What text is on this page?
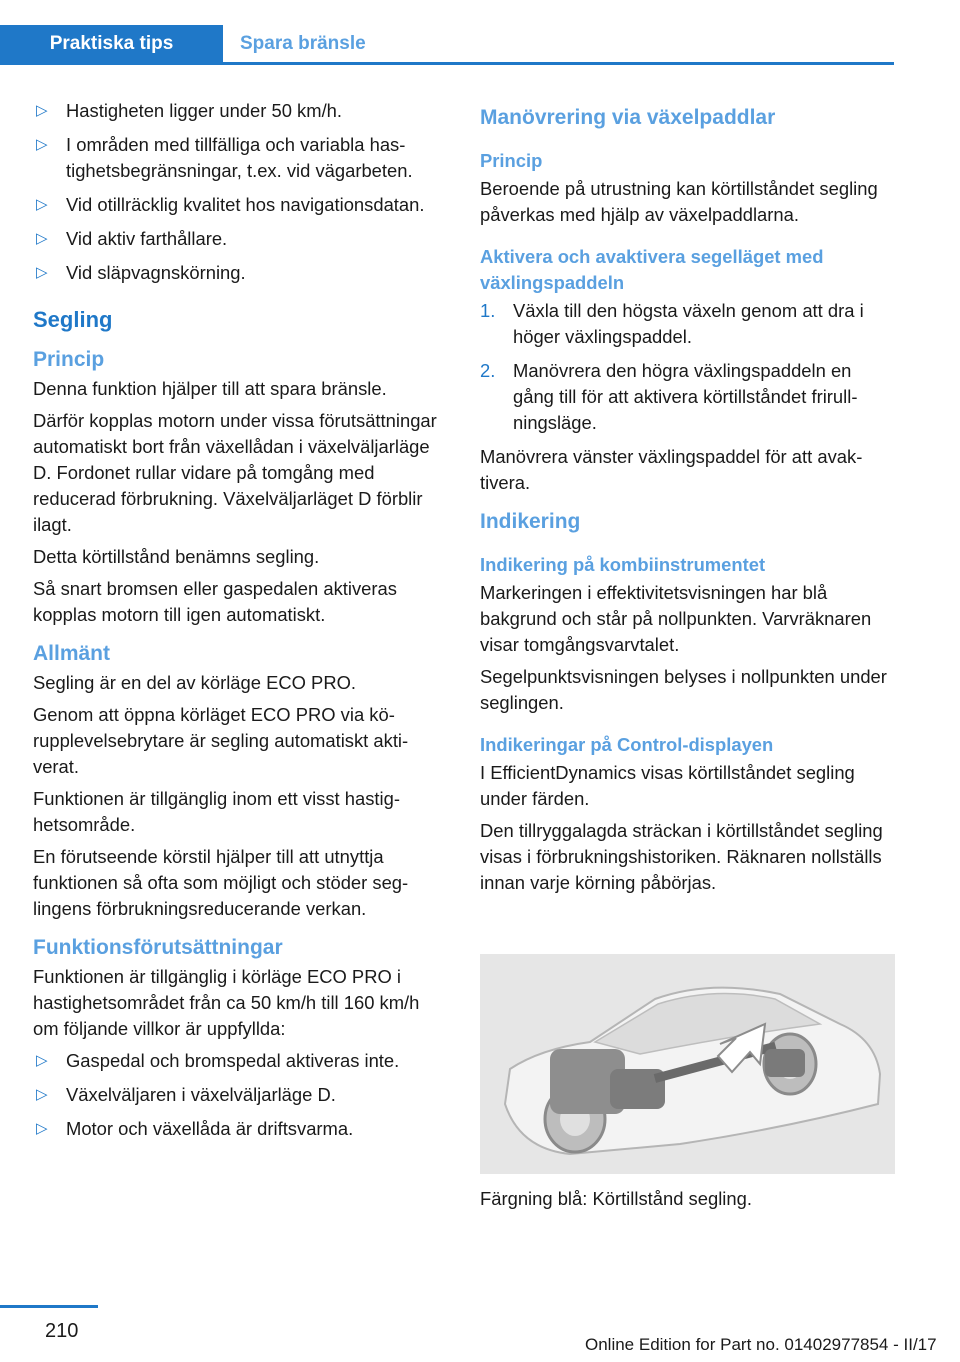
Praktiska tips	Spara bränsle
▷ Hastigheten ligger under 50 km/h.
▷ I områden med tillfälliga och variabla hastighetsbegränsningar, t.ex. vid vägarbeten.
▷ Vid otillräcklig kvalitet hos navigationsdatan.
▷ Vid aktiv farthållare.
▷ Vid släpvagnskörning.
Segling
Princip

Denna funktion hjälper till att spara bränsle.

Därför kopplas motorn under vissa förutsättningar automatiskt bort från växellådan i växelväljarläge D. Fordonet rullar vidare på tomgång med reducerad förbrukning. Växelväljarläget D förblir ilagt.

Detta körtillstånd benämns segling.

Så snart bromsen eller gaspedalen aktiveras kopplas motorn till igen automatiskt.

Allmänt

Segling är en del av körläge ECO PRO.

Genom att öppna körläget ECO PRO via körupplevelsebrytare är segling automatiskt aktiverat.

Funktionen är tillgänglig inom ett visst hastighetsområde.

En förutseende körstil hjälper till att utnyttja funktionen så ofta som möjligt och stöder seglingens förbrukningsreducerande verkan.

Funktionsförutsättningar

Funktionen är tillgänglig i körläge ECO PRO i hastighetsområdet från ca 50 km/h till 160 km/h om följande villkor är uppfyllda:

▷ Gaspedal och bromspedal aktiveras inte.
▷ Växelväljaren i växelväljarläge D.
▷ Motor och växellåda är driftsvarma.
Manövrering via växelpaddlar
Princip

Beroende på utrustning kan körtillståndet segling påverkas med hjälp av växelpaddlarna.

Aktivera och avaktivera segelläget med växlingspaddeln
1. Växla till den högsta växeln genom att dra i höger växlingspaddel.
2. Manövrera den högra växlingspaddeln en gång till för att aktivera körtillståndet frirullningsläge.

Manövrera vänster växlingspaddel för att avaktivera.

Indikering
Indikering på kombiinstrumentet

Markeringen i effektivitetsvisningen har blå bakgrund och står på nollpunkten. Varvräknaren visar tomgångsvarvtalet.

Segelpunktsvisningen belyses i nollpunkten under seglingen.

Indikeringar på Control-displayen

I EfficientDynamics visas körtillståndet segling under färden.

Den tillryggalagda sträckan i körtillståndet segling visas i förbrukningshistoriken. Räknaren nollställs innan varje körning påbörjas.

Färgning blå: Körtillstånd segling.
210
Online Edition for Part no. 01402977854 - II/17
